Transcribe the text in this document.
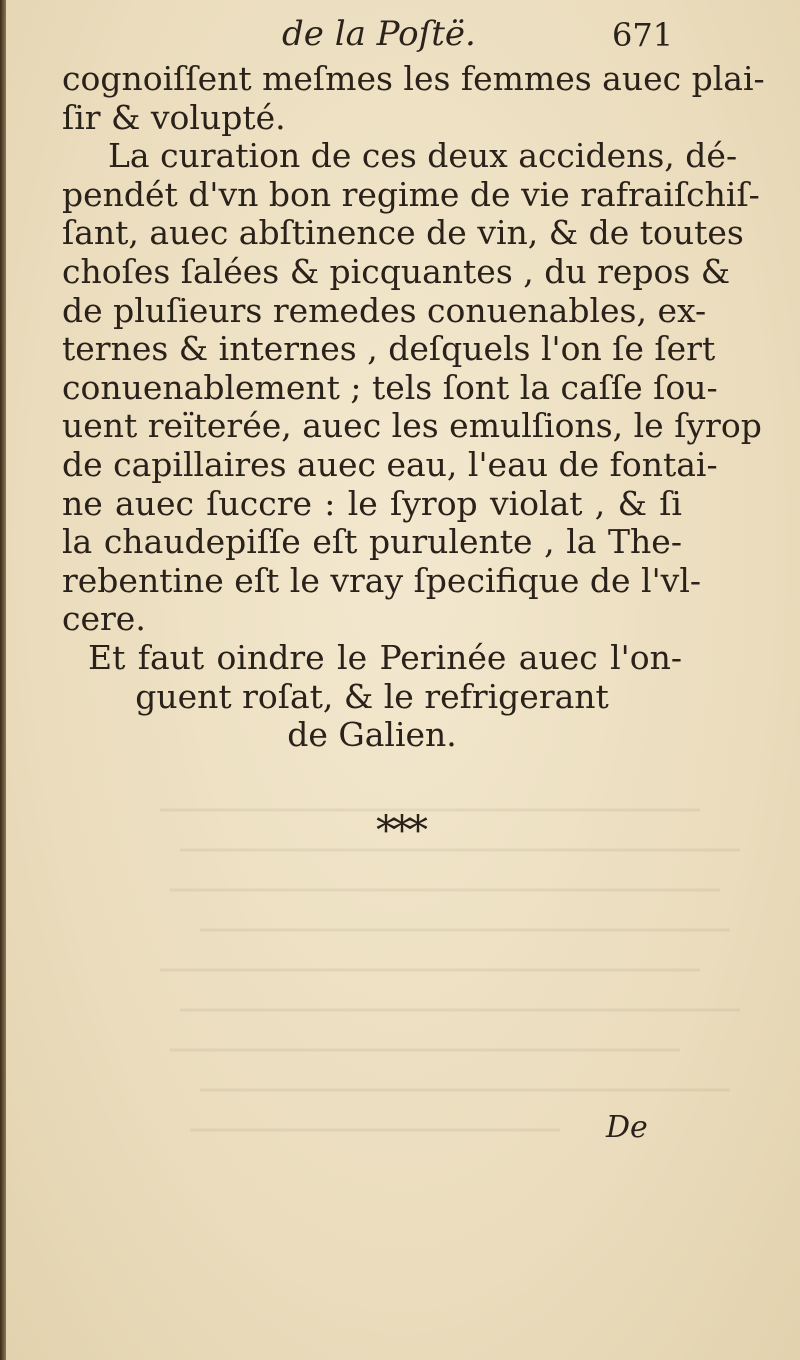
de la Poſtë.	671
cognoiſſent meſmes les femmes auec plai-
ſir & volupté.
La curation de ces deux accidens, dé-
pendét d'vn bon regime de vie rafraiſchiſ-
ſant, auec abſtinence de vin, & de toutes
choſes ſalées & picquantes , du repos &
de pluſieurs remedes conuenables, ex-
ternes & internes , deſquels l'on ſe ſert
conuenablement ; tels ſont la caſſe ſou-
uent reïterée, auec les emulſions, le ſyrop
de capillaires auec eau, l'eau de fontai-
ne auec ſuccre : le ſyrop violat , & ſi
la chaudepiſſe eſt purulente , la The-
rebentine eſt le vray ſpecifique de l'vl-
cere.
Et faut oindre le Perinée auec l'on-
guent roſat, & le refrigerant
de Galien.
***
De
